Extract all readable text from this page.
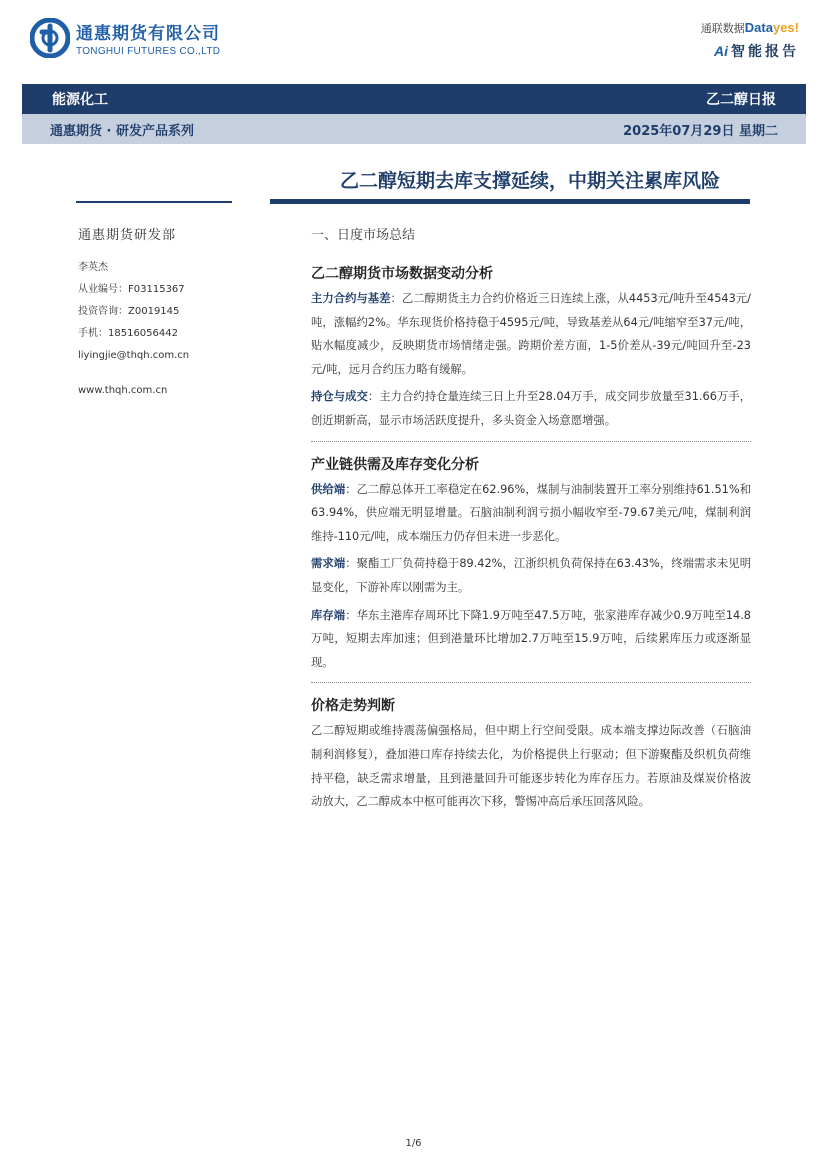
通惠期货有限公司
TONGHUI FUTURES CO.,LTD
通联数据Datayes!
Ai 智能报告
能源化工	乙二醇日报
通惠期货 · 研发产品系列	2025年07月29日 星期二
乙二醇短期去库支撑延续，中期关注累库风险
通惠期货研发部
李英杰
从业编号：F03115367
投资咨询：Z0019145
手机：18516056442
liyingjie@thqh.com.cn
www.thqh.com.cn
一、日度市场总结
乙二醇期货市场数据变动分析

主力合约与基差：乙二醇期货主力合约价格近三日连续上涨，从4453元/吨升至4543元/吨，涨幅约2%。华东现货价格持稳于4595元/吨，导致基差从64元/吨缩窄至37元/吨，贴水幅度减少，反映期货市场情绪走强。跨期价差方面，1-5价差从-39元/吨回升至-23元/吨，远月合约压力略有缓解。

持仓与成交：主力合约持仓量连续三日上升至28.04万手，成交同步放量至31.66万手，创近期新高，显示市场活跃度提升，多头资金入场意愿增强。

产业链供需及库存变化分析

供给端：乙二醇总体开工率稳定在62.96%，煤制与油制装置开工率分别维持61.51%和63.94%，供应端无明显增量。石脑油制利润亏损小幅收窄至-79.67美元/吨，煤制利润维持-110元/吨，成本端压力仍存但未进一步恶化。

需求端：聚酯工厂负荷持稳于89.42%，江浙织机负荷保持在63.43%，终端需求未见明显变化，下游补库以刚需为主。

库存端：华东主港库存周环比下降1.9万吨至47.5万吨，张家港库存减少0.9万吨至14.8万吨，短期去库加速；但到港量环比增加2.7万吨至15.9万吨，后续累库压力或逐渐显现。

价格走势判断

乙二醇短期或维持震荡偏强格局，但中期上行空间受限。成本端支撑边际改善（石脑油制利润修复），叠加港口库存持续去化，为价格提供上行驱动；但下游聚酯及织机负荷维持平稳，缺乏需求增量，且到港量回升可能逐步转化为库存压力。若原油及煤炭价格波动放大，乙二醇成本中枢可能再次下移，警惕冲高后承压回落风险。

1/6
